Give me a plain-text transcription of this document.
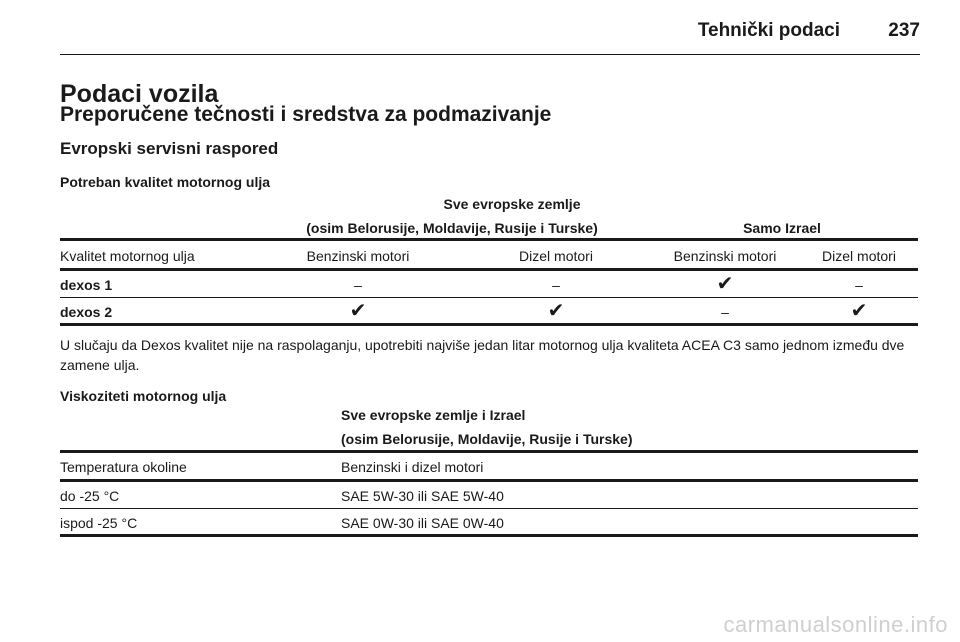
Tehnički podaci	237
Podaci vozila
Preporučene tečnosti i sredstva za podmazivanje
Evropski servisni raspored
Potreban kvalitet motornog ulja
Sve evropske zemlje
(osim Belorusije, Moldavije, Rusije i Turske)	Samo Izrael
Kvalitet motornog ulja	Benzinski motori	Dizel motori	Benzinski motori	Dizel motori
dexos 1	–	–	✔	–
dexos 2	✔	✔	–	✔
U slučaju da Dexos kvalitet nije na raspolaganju, upotrebiti najviše jedan litar motornog ulja kvaliteta ACEA C3 samo jednom između dve zamene ulja.
Viskoziteti motornog ulja
Sve evropske zemlje i Izrael
(osim Belorusije, Moldavije, Rusije i Turske)
Temperatura okoline	Benzinski i dizel motori
do -25 °C	SAE 5W-30 ili SAE 5W-40
ispod -25 °C	SAE 0W-30 ili SAE 0W-40
carmanualsonline.info
